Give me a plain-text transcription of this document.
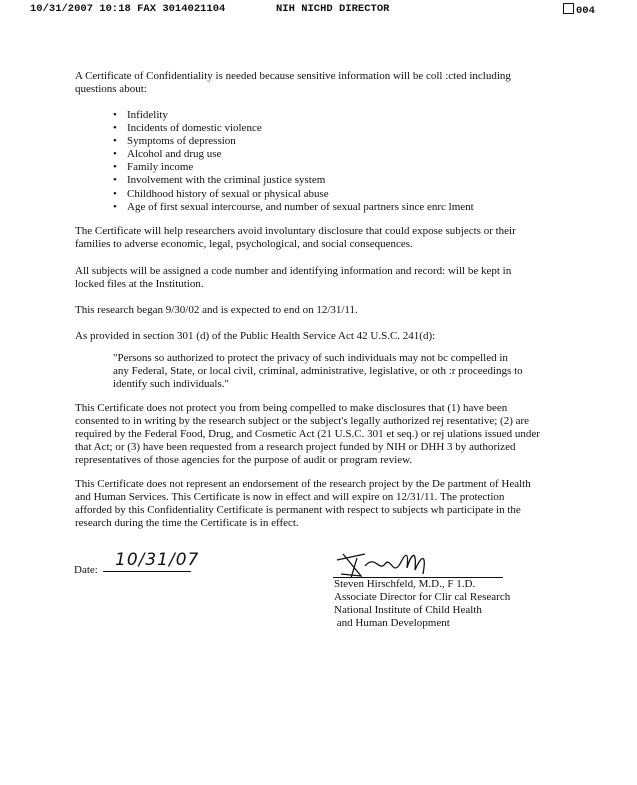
10/31/2007 10:18 FAX 3014021104	NIH NICHD DIRECTOR	004
A Certificate of Confidentiality is needed because sensitive information will be coll :cted including
questions about:
• Infidelity
• Incidents of domestic violence
• Symptoms of depression
• Alcohol and drug use
• Family income
• Involvement with the criminal justice system
• Childhood history of sexual or physical abuse
• Age of first sexual intercourse, and number of sexual partners since enrc lment
The Certificate will help researchers avoid involuntary disclosure that could expose subjects or their
families to adverse economic, legal, psychological, and social consequences.
All subjects will be assigned a code number and identifying information and record: will be kept in
locked files at the Institution.
This research began 9/30/02 and is expected to end on 12/31/11.
As provided in section 301 (d) of the Public Health Service Act 42 U.S.C. 241(d):
"Persons so authorized to protect the privacy of such individuals may not bc compelled in
any Federal, State, or local civil, criminal, administrative, legislative, or oth :r proceedings to
identify such individuals."
This Certificate does not protect you from being compelled to make disclosures that (1) have been
consented to in writing by the research subject or the subject's legally authorized rej resentative; (2) are
required by the Federal Food, Drug, and Cosmetic Act (21 U.S.C. 301 et seq.) or rej ulations issued under
that Act; or (3) have been requested from a research project funded by NIH or DHH 3 by authorized
representatives of those agencies for the purpose of audit or program review.
This Certificate does not represent an endorsement of the research project by the De partment of Health
and Human Services. This Certificate is now in effect and will expire on 12/31/11. The protection
afforded by this Confidentiality Certificate is permanent with respect to subjects wh participate in the
research during the time the Certificate is in effect.
Date: 10/31/07
Steven Hirschfeld, M.D., F 1.D.
Associate Director for Clir cal Research
National Institute of Child Health
and Human Development
